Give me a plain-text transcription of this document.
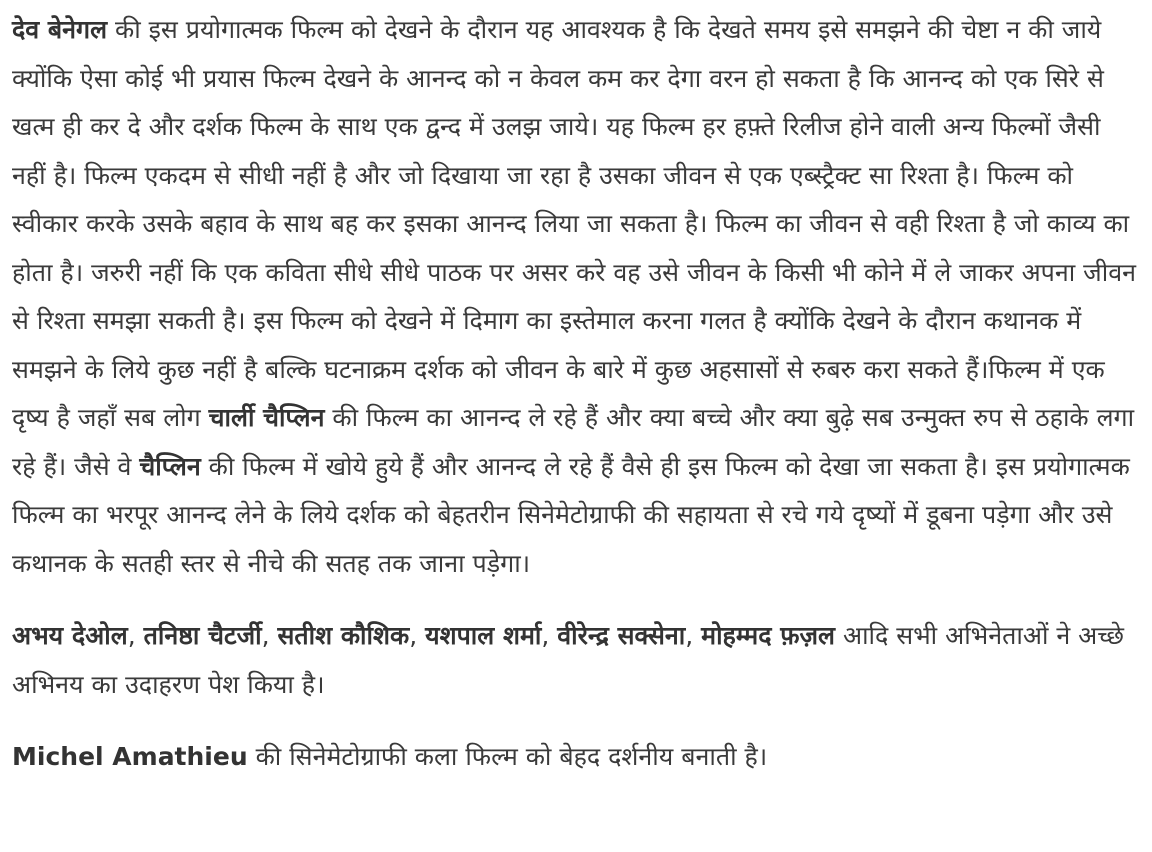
देव बेनेगल की इस प्रयोगात्मक फिल्म को देखने के दौरान यह आवश्यक है कि देखते समय इसे समझने की चेष्टा न की जाये क्योंकि ऐसा कोई भी प्रयास फिल्म देखने के आनन्द को न केवल कम कर देगा वरन हो सकता है कि आनन्द को एक सिरे से खत्म ही कर दे और दर्शक फिल्म के साथ एक द्वन्द में उलझ जाये। यह फिल्म हर हफ़्ते रिलीज होने वाली अन्य फिल्मों जैसी नहीं है। फिल्म एकदम से सीधी नहीं है और जो दिखाया जा रहा है उसका जीवन से एक एब्स्ट्रैक्ट सा रिश्ता है। फिल्म को स्वीकार करके उसके बहाव के साथ बह कर इसका आनन्द लिया जा सकता है। फिल्म का जीवन से वही रिश्ता है जो काव्य का होता है। जरुरी नहीं कि एक कविता सीधे सीधे पाठक पर असर करे वह उसे जीवन के किसी भी कोने में ले जाकर अपना जीवन से रिश्ता समझा सकती है। इस फिल्म को देखने में दिमाग का इस्तेमाल करना गलत है क्योंकि देखने के दौरान कथानक में समझने के लिये कुछ नहीं है बल्कि घटनाक्रम दर्शक को जीवन के बारे में कुछ अहसासों से रुबरु करा सकते हैं।फिल्म में एक दृष्य है जहाँ सब लोग चार्ली चैप्लिन की फिल्म का आनन्द ले रहे हैं और क्या बच्चे और क्या बुढ़े सब उन्मुक्त रुप से ठहाके लगा रहे हैं। जैसे वे चैप्लिन की फिल्म में खोये हुये हैं और आनन्द ले रहे हैं वैसे ही इस फिल्म को देखा जा सकता है। इस प्रयोगात्मक फिल्म का भरपूर आनन्द लेने के लिये दर्शक को बेहतरीन सिनेमेटोग्राफी की सहायता से रचे गये दृष्यों में डूबना पड़ेगा और उसे कथानक के सतही स्तर से नीचे की सतह तक जाना पड़ेगा।

अभय देओल, तनिष्ठा चैटर्जी, सतीश कौशिक, यशपाल शर्मा, वीरेन्द्र सक्सेना, मोहम्मद फ़ज़ल आदि सभी अभिनेताओं ने अच्छे अभिनय का उदाहरण पेश किया है।

Michel Amathieu की सिनेमेटोग्राफी कला फिल्म को बेहद दर्शनीय बनाती है।
